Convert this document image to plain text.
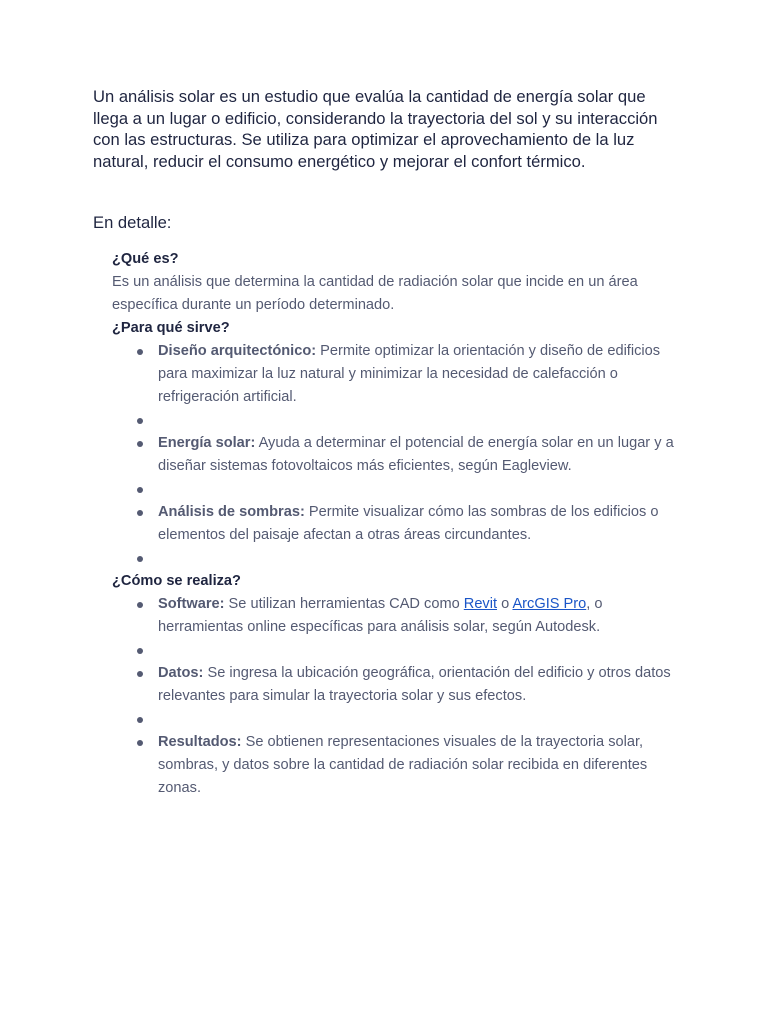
Un análisis solar es un estudio que evalúa la cantidad de energía solar que llega a un lugar o edificio, considerando la trayectoria del sol y su interacción con las estructuras. Se utiliza para optimizar el aprovechamiento de la luz natural, reducir el consumo energético y mejorar el confort térmico.

En detalle:

¿Qué es?

Es un análisis que determina la cantidad de radiación solar que incide en un área específica durante un período determinado.

¿Para qué sirve?

Diseño arquitectónico: Permite optimizar la orientación y diseño de edificios para maximizar la luz natural y minimizar la necesidad de calefacción o refrigeración artificial.
Energía solar: Ayuda a determinar el potencial de energía solar en un lugar y a diseñar sistemas fotovoltaicos más eficientes, según Eagleview.
Análisis de sombras: Permite visualizar cómo las sombras de los edificios o elementos del paisaje afectan a otras áreas circundantes.

¿Cómo se realiza?

Software: Se utilizan herramientas CAD como Revit o ArcGIS Pro, o herramientas online específicas para análisis solar, según Autodesk.
Datos: Se ingresa la ubicación geográfica, orientación del edificio y otros datos relevantes para simular la trayectoria solar y sus efectos.
Resultados: Se obtienen representaciones visuales de la trayectoria solar, sombras, y datos sobre la cantidad de radiación solar recibida en diferentes zonas.
